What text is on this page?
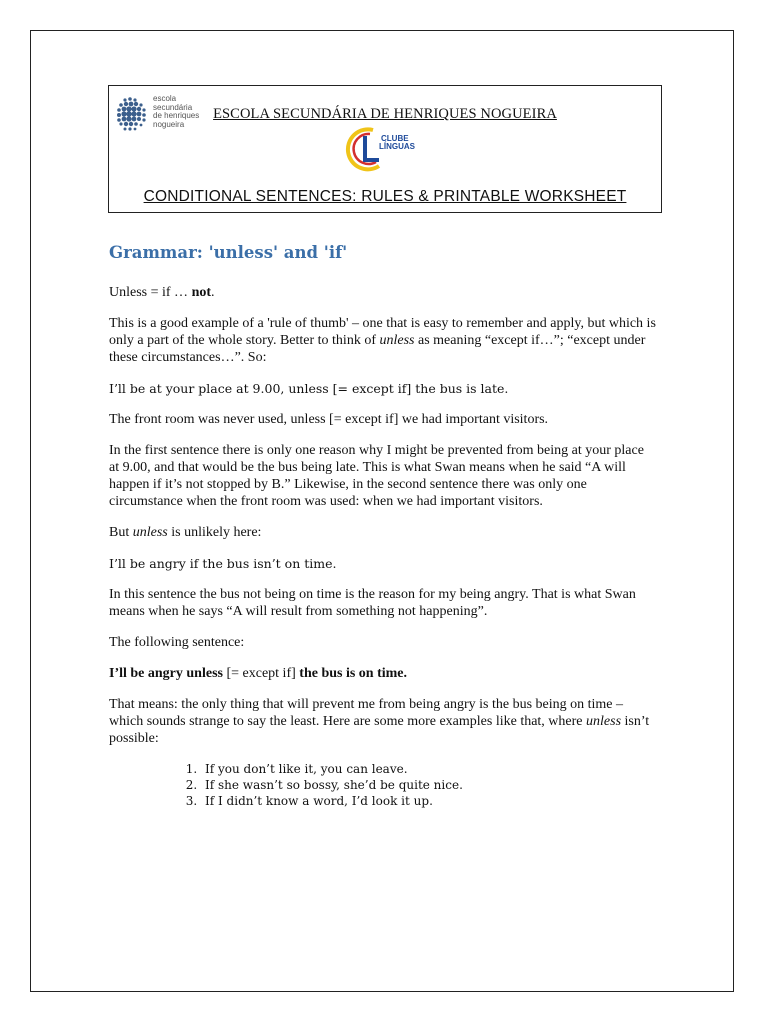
escola
secundária
de henriques
nogueira
ESCOLA SECUNDÁRIA DE HENRIQUES NOGUEIRA
CLUBE LÍNGUAS
CONDITIONAL SENTENCES: RULES & PRINTABLE WORKSHEET
Grammar: 'unless' and 'if'

Unless = if … not.

This is a good example of a 'rule of thumb' – one that is easy to remember and apply, but which is only a part of the whole story. Better to think of unless as meaning “except if…”; “except under these circumstances…”. So:

I’ll be at your place at 9.00, unless [= except if] the bus is late.

The front room was never used, unless [= except if] we had important visitors.

In the first sentence there is only one reason why I might be prevented from being at your place at 9.00, and that would be the bus being late. This is what Swan means when he said “A will happen if it’s not stopped by B.” Likewise, in the second sentence there was only one circumstance when the front room was used: when we had important visitors.

But unless is unlikely here:

I’ll be angry if the bus isn’t on time.

In this sentence the bus not being on time is the reason for my being angry. That is what Swan means when he says “A will result from something not happening”.

The following sentence:

I’ll be angry unless [= except if] the bus is on time.

That means: the only thing that will prevent me from being angry is the bus being on time – which sounds strange to say the least. Here are some more examples like that, where unless isn’t possible:

1. If you don’t like it, you can leave.
2. If she wasn’t so bossy, she’d be quite nice.
3. If I didn’t know a word, I’d look it up.
